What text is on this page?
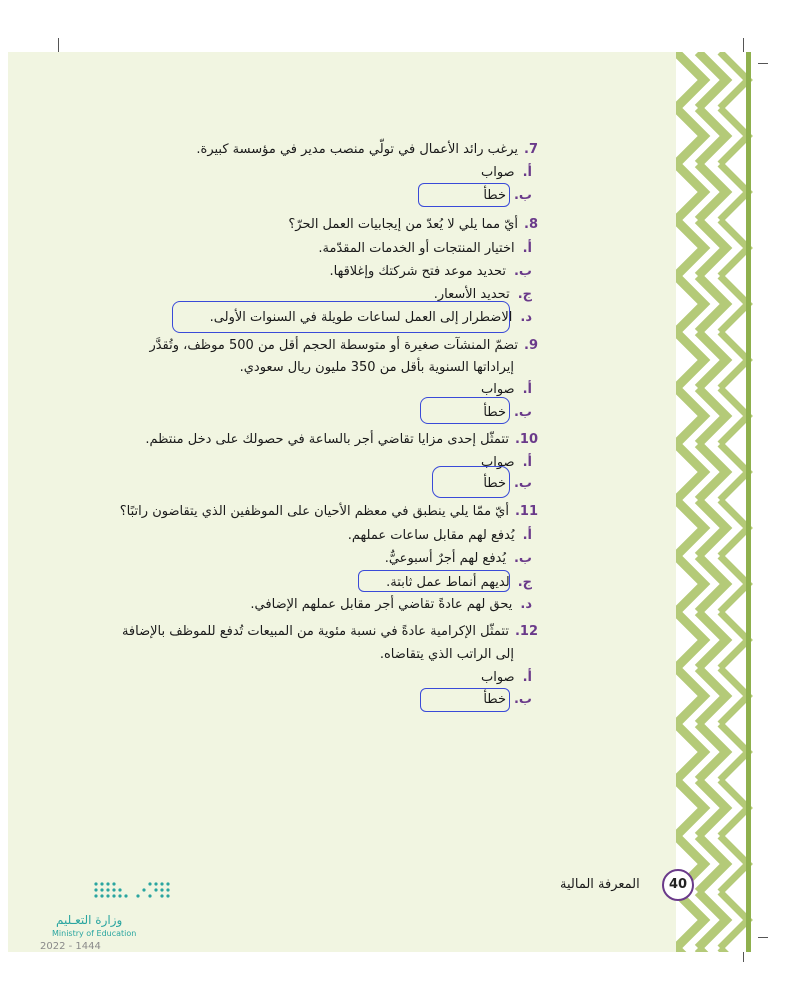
7.يرغب رائد الأعمال في تولّي منصب مدير في مؤسسة كبيرة.
أ.صواب
ب.خطأ
8.أيّ مما يلي لا يُعدّ من إيجابيات العمل الحرّ؟
أ.اختيار المنتجات أو الخدمات المقدّمة.
ب.تحديد موعد فتح شركتك وإغلاقها.
ج.تحديد الأسعار.
د.الاضطرار إلى العمل لساعات طويلة في السنوات الأولى.
9.تضمّ المنشآت صغيرة أو متوسطة الحجم أقل من 500 موظف، وتُقدَّر
إيراداتها السنوية بأقل من 350 مليون ريال سعودي.
أ.صواب
ب.خطأ
10.تتمثّل إحدى مزايا تقاضي أجر بالساعة في حصولك على دخل منتظم.
أ.صواب
ب.خطأ
11.أيّ ممّا يلي ينطبق في معظم الأحيان على الموظفين الذي يتقاضون راتبًا؟
أ.يُدفع لهم مقابل ساعات عملهم.
ب.يُدفع لهم أجرٌ أسبوعيٌّ.
ج.لديهم أنماط عمل ثابتة.
د.يحق لهم عادةً تقاضي أجر مقابل عملهم الإضافي.
12.تتمثّل الإكرامية عادةً في نسبة مئوية من المبيعات تُدفع للموظف بالإضافة
إلى الراتب الذي يتقاضاه.
أ.صواب
ب.خطأ
المعرفة المالية	40
وزارة التعـليم
Ministry of Education
2022 - 1444
